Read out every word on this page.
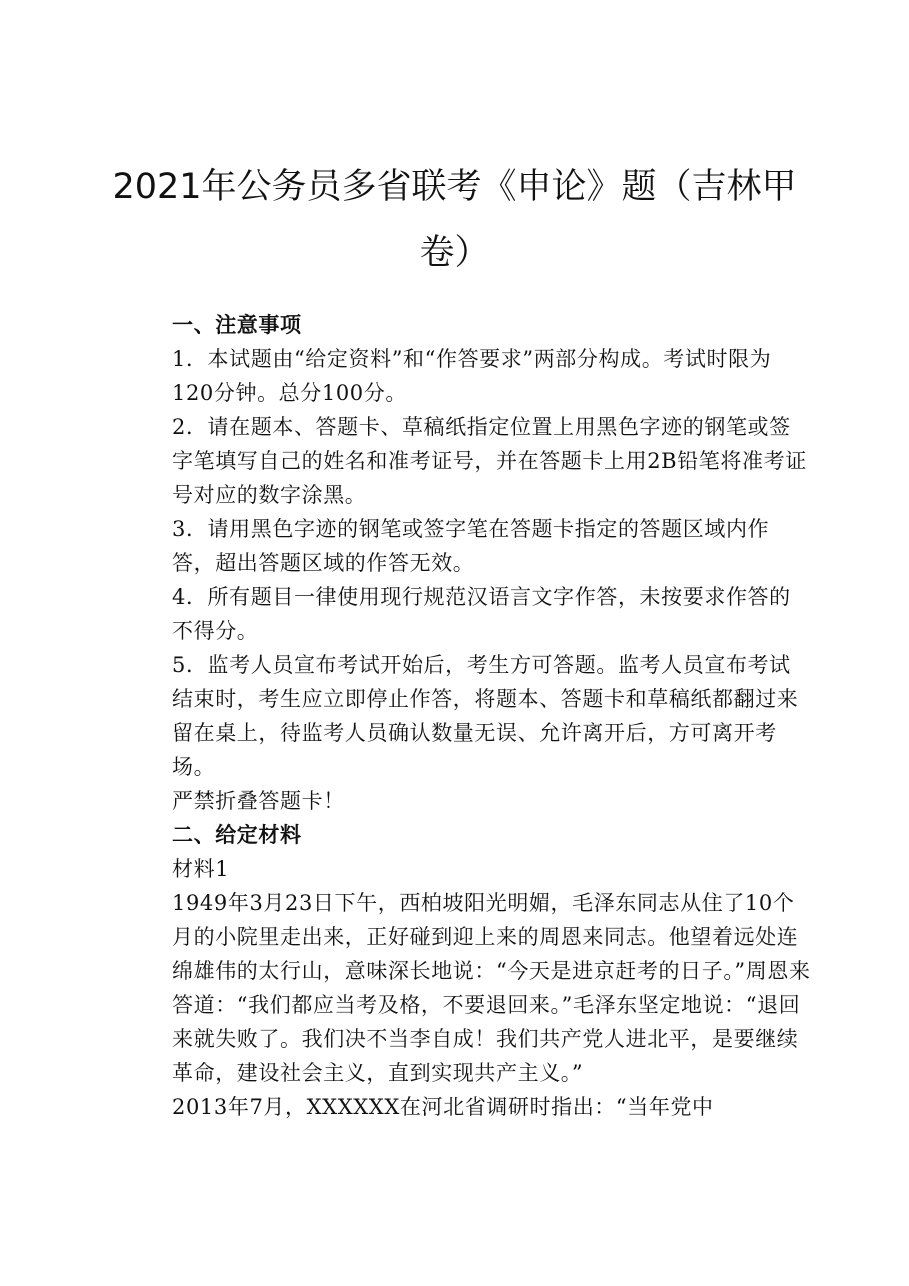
2021年公务员多省联考《申论》题（吉林甲
卷）

一、注意事项

1．本试题由“给定资料”和“作答要求”两部分构成。考试时限为120分钟。总分100分。

2．请在题本、答题卡、草稿纸指定位置上用黑色字迹的钢笔或签字笔填写自己的姓名和准考证号，并在答题卡上用2B铅笔将准考证号对应的数字涂黑。

3．请用黑色字迹的钢笔或签字笔在答题卡指定的答题区域内作答，超出答题区域的作答无效。

4．所有题目一律使用现行规范汉语言文字作答，未按要求作答的不得分。

5．监考人员宣布考试开始后，考生方可答题。监考人员宣布考试结束时，考生应立即停止作答，将题本、答题卡和草稿纸都翻过来留在桌上，待监考人员确认数量无误、允许离开后，方可离开考场。

严禁折叠答题卡！

二、给定材料

材料1

1949年3月23日下午，西柏坡阳光明媚，毛泽东同志从住了10个月的小院里走出来，正好碰到迎上来的周恩来同志。他望着远处连绵雄伟的太行山，意味深长地说：“今天是进京赶考的日子。”周恩来答道：“我们都应当考及格，不要退回来。”毛泽东坚定地说：“退回来就失败了。我们决不当李自成！我们共产党人进北平，是要继续革命，建设社会主义，直到实现共产主义。”

2013年7月，XXXXXX在河北省调研时指出：“当年党中
